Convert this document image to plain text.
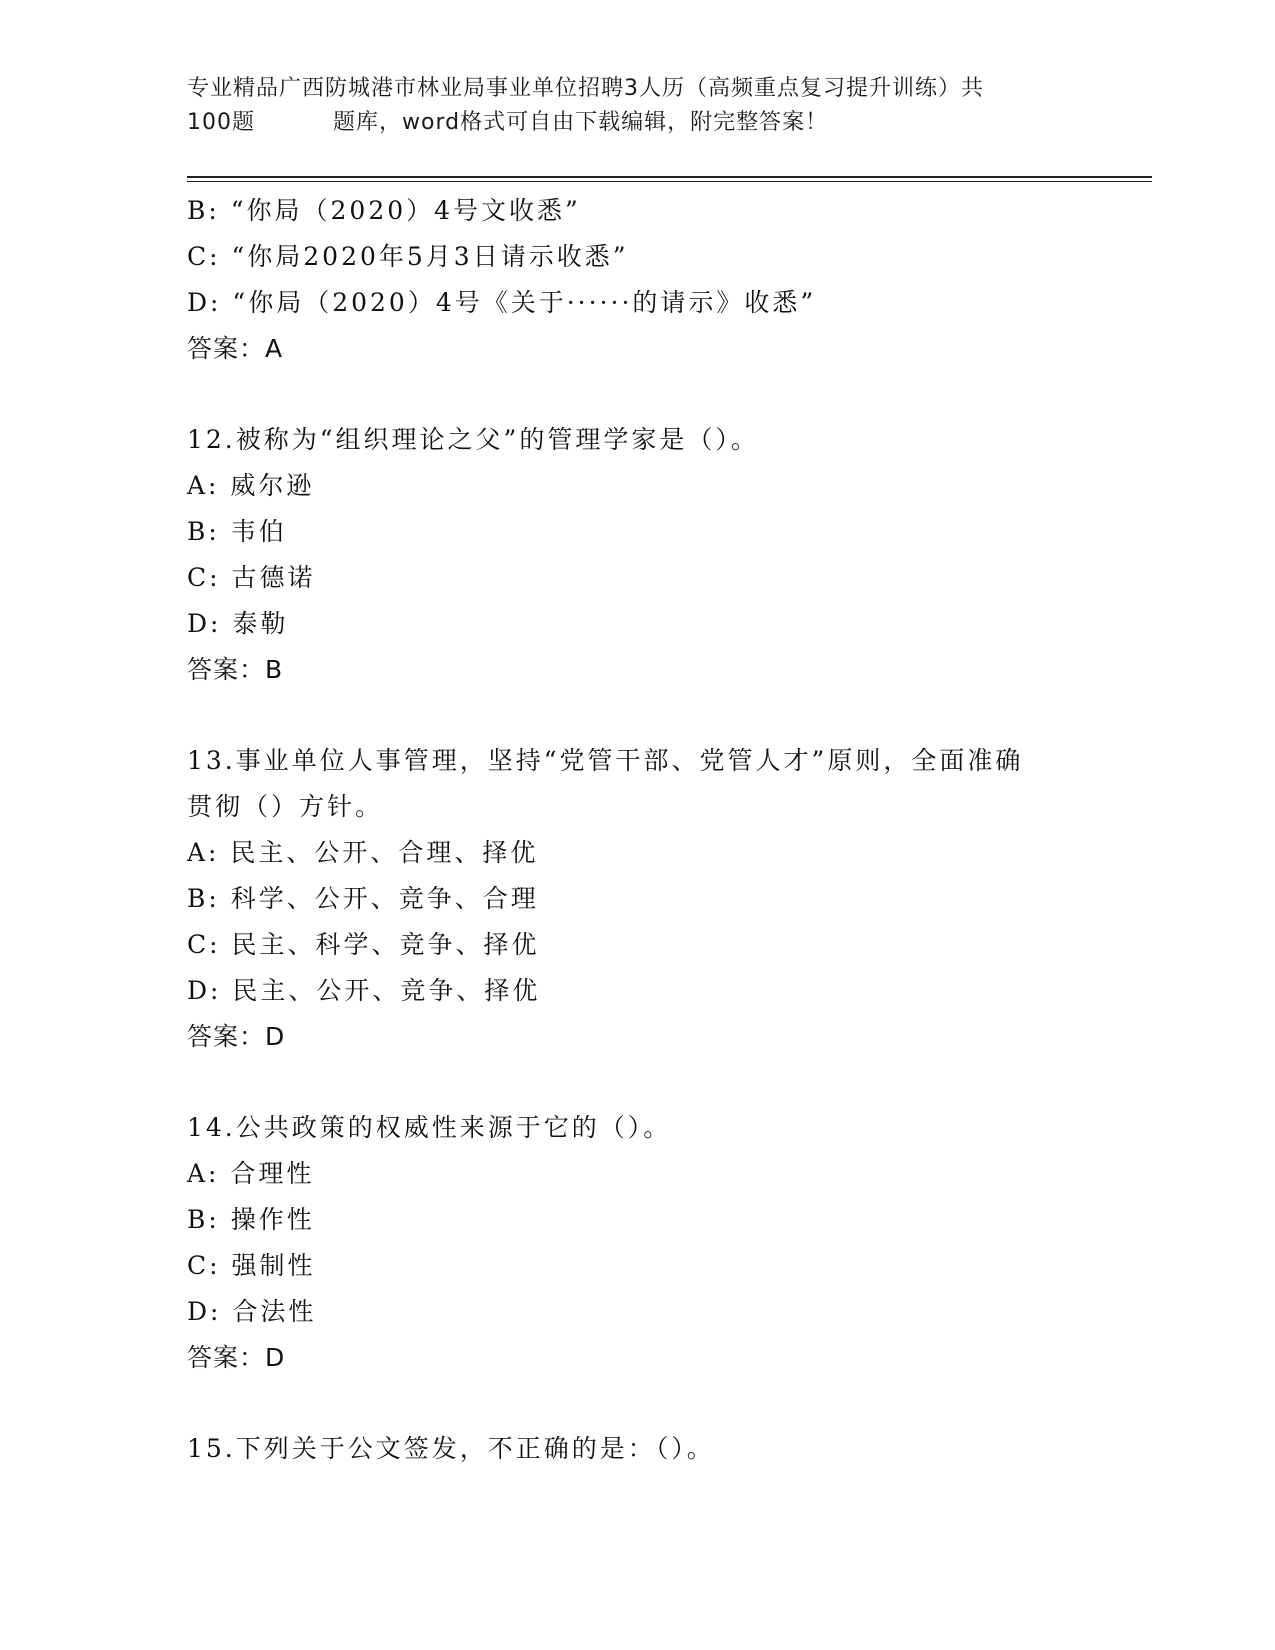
专业精品广西防城港市林业局事业单位招聘3人历（高频重点复习提升训练）共
100题	题库，word格式可自由下载编辑，附完整答案！
B: “你局（2020）4号文收悉”
C: “你局2020年5月3日请示收悉”
D: “你局（2020）4号《关于······的请示》收悉”
答案：A
12.被称为“组织理论之父”的管理学家是（）。
A: 威尔逊
B: 韦伯
C: 古德诺
D: 泰勒
答案：B
13.事业单位人事管理，坚持“党管干部、党管人才”原则，全面准确
贯彻（）方针。
A: 民主、公开、合理、择优
B: 科学、公开、竞争、合理
C: 民主、科学、竞争、择优
D: 民主、公开、竞争、择优
答案：D
14.公共政策的权威性来源于它的（）。
A: 合理性
B: 操作性
C: 强制性
D: 合法性
答案：D
15.下列关于公文签发，不正确的是：（）。
